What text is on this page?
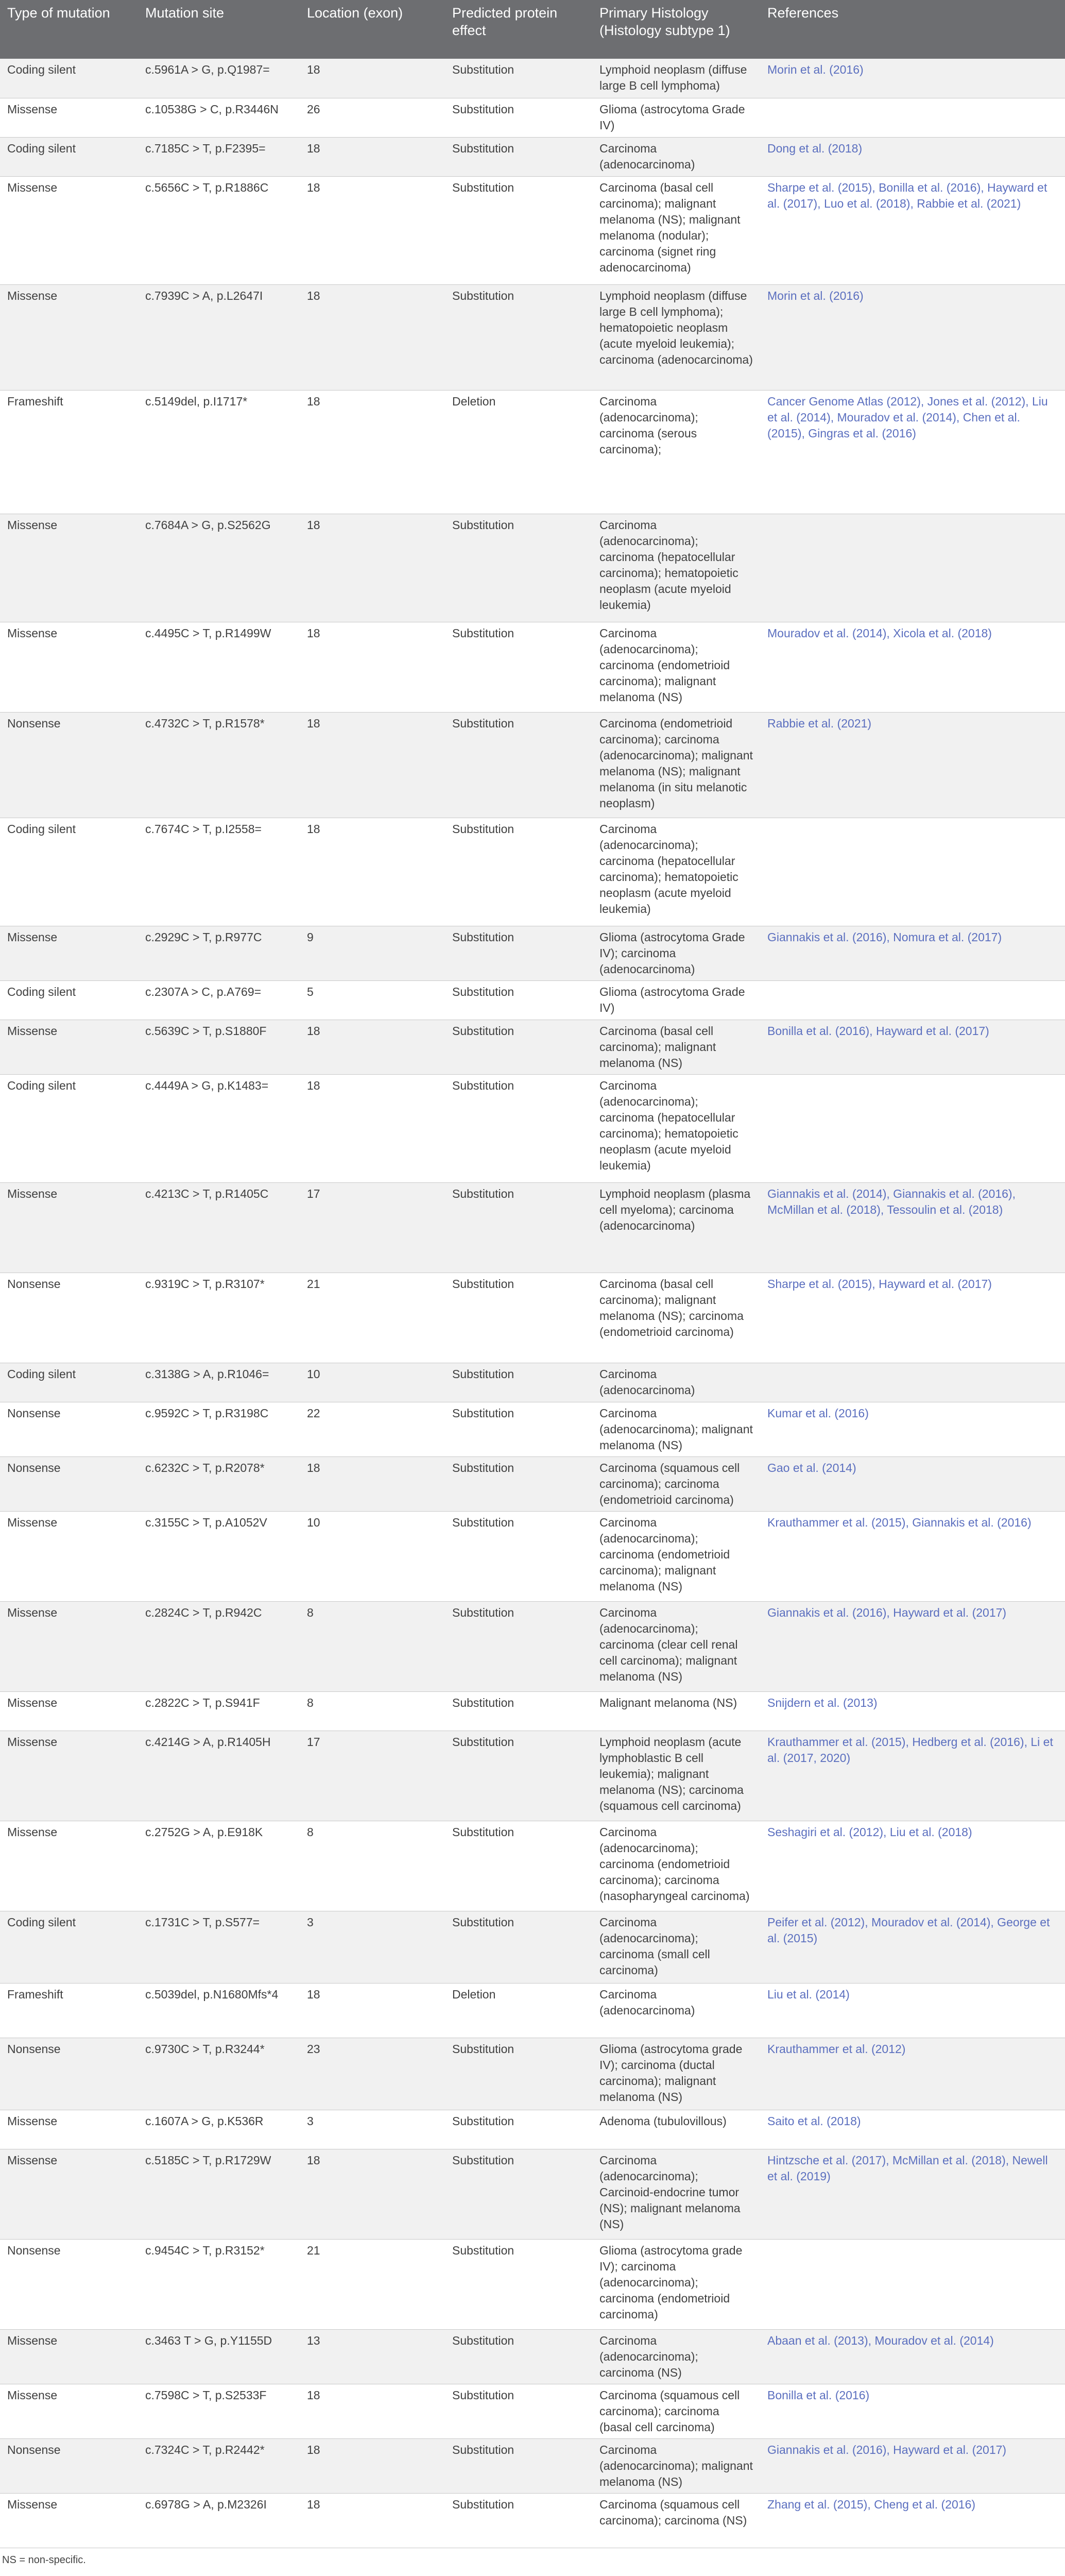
Type of mutation	Mutation site	Location (exon)	Predicted protein effect	Primary Histology (Histology subtype 1)	References
Coding silent	c.5961A > G, p.Q1987=	18	Substitution	Lymphoid neoplasm (diffuse large B cell lymphoma)	Morin et al. (2016)
Missense	c.10538G > C, p.R3446N	26	Substitution	Glioma (astrocytoma Grade IV)	
Coding silent	c.7185C > T, p.F2395=	18	Substitution	Carcinoma (adenocarcinoma)	Dong et al. (2018)
Missense	c.5656C > T, p.R1886C	18	Substitution	Carcinoma (basal cell carcinoma); malignant melanoma (NS); malignant melanoma (nodular); carcinoma (signet ring adenocarcinoma)	Sharpe et al. (2015), Bonilla et al. (2016), Hayward et al. (2017), Luo et al. (2018), Rabbie et al. (2021)
Missense	c.7939C > A, p.L2647I	18	Substitution	Lymphoid neoplasm (diffuse large B cell lymphoma); hematopoietic neoplasm (acute myeloid leukemia); carcinoma (adenocarcinoma)	Morin et al. (2016)
Frameshift	c.5149del, p.I1717*	18	Deletion	Carcinoma (adenocarcinoma); carcinoma (serous carcinoma);	Cancer Genome Atlas (2012), Jones et al. (2012), Liu et al. (2014), Mouradov et al. (2014), Chen et al. (2015), Gingras et al. (2016)
Missense	c.7684A > G, p.S2562G	18	Substitution	Carcinoma (adenocarcinoma); carcinoma (hepatocellular carcinoma); hematopoietic neoplasm (acute myeloid leukemia)	
Missense	c.4495C > T, p.R1499W	18	Substitution	Carcinoma (adenocarcinoma); carcinoma (endometrioid carcinoma); malignant melanoma (NS)	Mouradov et al. (2014), Xicola et al. (2018)
Nonsense	c.4732C > T, p.R1578*	18	Substitution	Carcinoma (endometrioid carcinoma); carcinoma (adenocarcinoma); malignant melanoma (NS); malignant melanoma (in situ melanotic neoplasm)	Rabbie et al. (2021)
Coding silent	c.7674C > T, p.I2558=	18	Substitution	Carcinoma (adenocarcinoma); carcinoma (hepatocellular carcinoma); hematopoietic neoplasm (acute myeloid leukemia)	
Missense	c.2929C > T, p.R977C	9	Substitution	Glioma (astrocytoma Grade IV); carcinoma (adenocarcinoma)	Giannakis et al. (2016), Nomura et al. (2017)
Coding silent	c.2307A > C, p.A769=	5	Substitution	Glioma (astrocytoma Grade IV)	
Missense	c.5639C > T, p.S1880F	18	Substitution	Carcinoma (basal cell carcinoma); malignant melanoma (NS)	Bonilla et al. (2016), Hayward et al. (2017)
Coding silent	c.4449A > G, p.K1483=	18	Substitution	Carcinoma (adenocarcinoma); carcinoma (hepatocellular carcinoma); hematopoietic neoplasm (acute myeloid leukemia)	
Missense	c.4213C > T, p.R1405C	17	Substitution	Lymphoid neoplasm (plasma cell myeloma); carcinoma (adenocarcinoma)	Giannakis et al. (2014), Giannakis et al. (2016), McMillan et al. (2018), Tessoulin et al. (2018)
Nonsense	c.9319C > T, p.R3107*	21	Substitution	Carcinoma (basal cell carcinoma); malignant melanoma (NS); carcinoma (endometrioid carcinoma)	Sharpe et al. (2015), Hayward et al. (2017)
Coding silent	c.3138G > A, p.R1046=	10	Substitution	Carcinoma (adenocarcinoma)	
Nonsense	c.9592C > T, p.R3198C	22	Substitution	Carcinoma (adenocarcinoma); malignant melanoma (NS)	Kumar et al. (2016)
Nonsense	c.6232C > T, p.R2078*	18	Substitution	Carcinoma (squamous cell carcinoma); carcinoma (endometrioid carcinoma)	Gao et al. (2014)
Missense	c.3155C > T, p.A1052V	10	Substitution	Carcinoma (adenocarcinoma); carcinoma (endometrioid carcinoma); malignant melanoma (NS)	Krauthammer et al. (2015), Giannakis et al. (2016)
Missense	c.2824C > T, p.R942C	8	Substitution	Carcinoma (adenocarcinoma); carcinoma (clear cell renal cell carcinoma); malignant melanoma (NS)	Giannakis et al. (2016), Hayward et al. (2017)
Missense	c.2822C > T, p.S941F	8	Substitution	Malignant melanoma (NS)	Snijdern et al. (2013)
Missense	c.4214G > A, p.R1405H	17	Substitution	Lymphoid neoplasm (acute lymphoblastic B cell leukemia); malignant melanoma (NS); carcinoma (squamous cell carcinoma)	Krauthammer et al. (2015), Hedberg et al. (2016), Li et al. (2017, 2020)
Missense	c.2752G > A, p.E918K	8	Substitution	Carcinoma (adenocarcinoma); carcinoma (endometrioid carcinoma); carcinoma (nasopharyngeal carcinoma)	Seshagiri et al. (2012), Liu et al. (2018)
Coding silent	c.1731C > T, p.S577=	3	Substitution	Carcinoma (adenocarcinoma); carcinoma (small cell carcinoma)	Peifer et al. (2012), Mouradov et al. (2014), George et al. (2015)
Frameshift	c.5039del, p.N1680Mfs*4	18	Deletion	Carcinoma (adenocarcinoma)	Liu et al. (2014)
Nonsense	c.9730C > T, p.R3244*	23	Substitution	Glioma (astrocytoma grade IV); carcinoma (ductal carcinoma); malignant melanoma (NS)	Krauthammer et al. (2012)
Missense	c.1607A > G, p.K536R	3	Substitution	Adenoma (tubulovillous)	Saito et al. (2018)
Missense	c.5185C > T, p.R1729W	18	Substitution	Carcinoma (adenocarcinoma); Carcinoid-endocrine tumor (NS); malignant melanoma (NS)	Hintzsche et al. (2017), McMillan et al. (2018), Newell et al. (2019)
Nonsense	c.9454C > T, p.R3152*	21	Substitution	Glioma (astrocytoma grade IV); carcinoma (adenocarcinoma); carcinoma (endometrioid carcinoma)	
Missense	c.3463 T > G, p.Y1155D	13	Substitution	Carcinoma (adenocarcinoma); carcinoma (NS)	Abaan et al. (2013), Mouradov et al. (2014)
Missense	c.7598C > T, p.S2533F	18	Substitution	Carcinoma (squamous cell carcinoma); carcinoma (basal cell carcinoma)	Bonilla et al. (2016)
Nonsense	c.7324C > T, p.R2442*	18	Substitution	Carcinoma (adenocarcinoma); malignant melanoma (NS)	Giannakis et al. (2016), Hayward et al. (2017)
Missense	c.6978G > A, p.M2326I	18	Substitution	Carcinoma (squamous cell carcinoma); carcinoma (NS)	Zhang et al. (2015), Cheng et al. (2016)
NS = non-specific.
